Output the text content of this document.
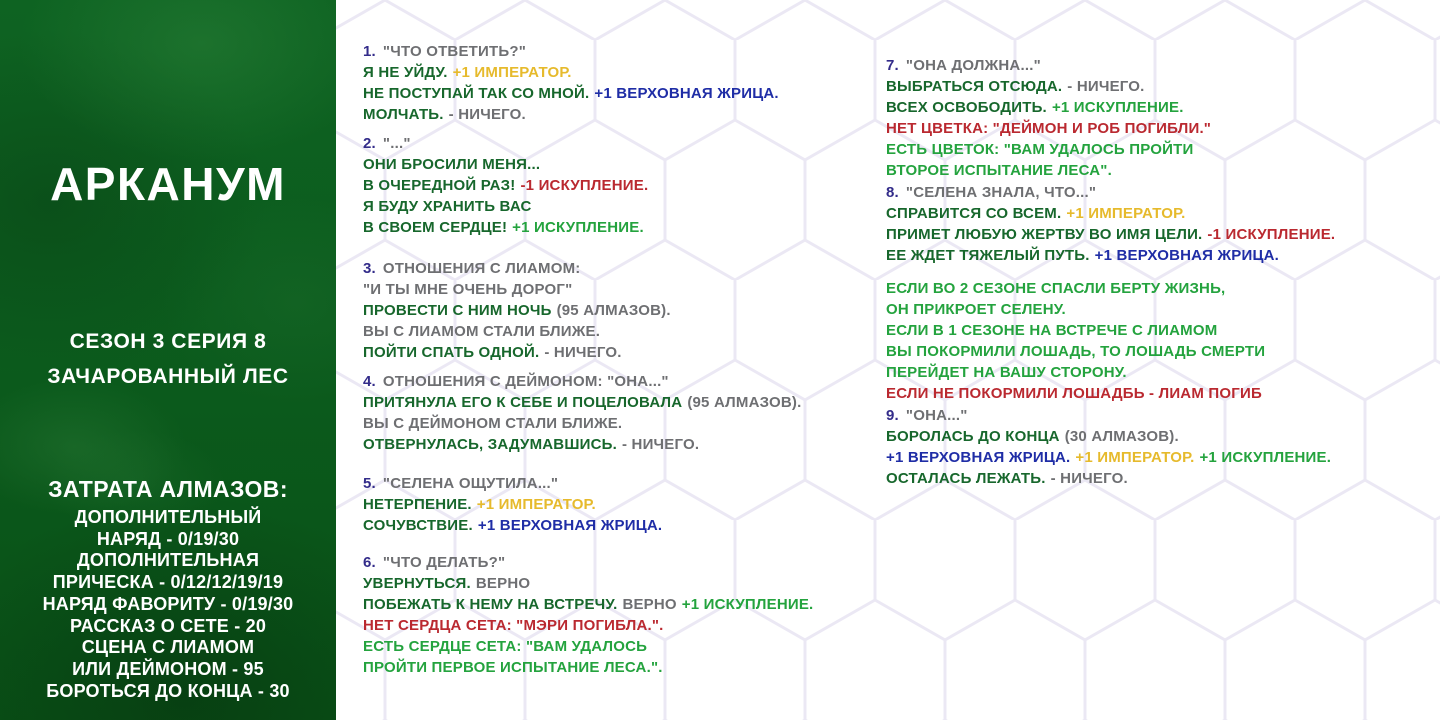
АРКАНУМ
СЕЗОН 3 СЕРИЯ 8
ЗАЧАРОВАННЫЙ ЛЕС
ЗАТРАТА АЛМАЗОВ:
ДОПОЛНИТЕЛЬНЫЙ
НАРЯД - 0/19/30
ДОПОЛНИТЕЛЬНАЯ
ПРИЧЕСКА - 0/12/12/19/19
НАРЯД ФАВОРИТУ - 0/19/30
РАССКАЗ О СЕТЕ - 20
СЦЕНА С ЛИАМОМ
ИЛИ ДЕЙМОНОМ - 95
БОРОТЬСЯ ДО КОНЦА - 30
1. "ЧТО ОТВЕТИТЬ?"
Я НЕ УЙДУ. +1 ИМПЕРАТОР.
НЕ ПОСТУПАЙ ТАК СО МНОЙ. +1 ВЕРХОВНАЯ ЖРИЦА.
МОЛЧАТЬ. - НИЧЕГО.
2. "..."
ОНИ БРОСИЛИ МЕНЯ...
В ОЧЕРЕДНОЙ РАЗ! -1 ИСКУПЛЕНИЕ.
Я БУДУ ХРАНИТЬ ВАС
В СВОЕМ СЕРДЦЕ! +1 ИСКУПЛЕНИЕ.
3. ОТНОШЕНИЯ С ЛИАМОМ:
"И ТЫ МНЕ ОЧЕНЬ ДОРОГ"
ПРОВЕСТИ С НИМ НОЧЬ (95 АЛМАЗОВ).
ВЫ С ЛИАМОМ СТАЛИ БЛИЖЕ.
ПОЙТИ СПАТЬ ОДНОЙ. - НИЧЕГО.
4. ОТНОШЕНИЯ С ДЕЙМОНОМ: "ОНА..."
ПРИТЯНУЛА ЕГО К СЕБЕ И ПОЦЕЛОВАЛА (95 АЛМАЗОВ).
ВЫ С ДЕЙМОНОМ СТАЛИ БЛИЖЕ.
ОТВЕРНУЛАСЬ, ЗАДУМАВШИСЬ. - НИЧЕГО.
5. "СЕЛЕНА ОЩУТИЛА..."
НЕТЕРПЕНИЕ. +1 ИМПЕРАТОР.
СОЧУВСТВИЕ. +1 ВЕРХОВНАЯ ЖРИЦА.
6. "ЧТО ДЕЛАТЬ?"
УВЕРНУТЬСЯ. ВЕРНО
ПОБЕЖАТЬ К НЕМУ НА ВСТРЕЧУ. ВЕРНО +1 ИСКУПЛЕНИЕ.
НЕТ СЕРДЦА СЕТА: "МЭРИ ПОГИБЛА.".
ЕСТЬ СЕРДЦЕ СЕТА: "ВАМ УДАЛОСЬ
ПРОЙТИ ПЕРВОЕ ИСПЫТАНИЕ ЛЕСА.".
7. "ОНА ДОЛЖНА..."
ВЫБРАТЬСЯ ОТСЮДА. - НИЧЕГО.
ВСЕХ ОСВОБОДИТЬ. +1 ИСКУПЛЕНИЕ.
НЕТ ЦВЕТКА: "ДЕЙМОН И РОБ ПОГИБЛИ."
ЕСТЬ ЦВЕТОК: "ВАМ УДАЛОСЬ ПРОЙТИ
ВТОРОЕ ИСПЫТАНИЕ ЛЕСА".
8. "СЕЛЕНА ЗНАЛА, ЧТО..."
СПРАВИТСЯ СО ВСЕМ. +1 ИМПЕРАТОР.
ПРИМЕТ ЛЮБУЮ ЖЕРТВУ ВО ИМЯ ЦЕЛИ. -1 ИСКУПЛЕНИЕ.
ЕЕ ЖДЕТ ТЯЖЕЛЫЙ ПУТЬ. +1 ВЕРХОВНАЯ ЖРИЦА.
ЕСЛИ ВО 2 СЕЗОНЕ СПАСЛИ БЕРТУ ЖИЗНЬ,
ОН ПРИКРОЕТ СЕЛЕНУ.
ЕСЛИ В 1 СЕЗОНЕ НА ВСТРЕЧЕ С ЛИАМОМ
ВЫ ПОКОРМИЛИ ЛОШАДЬ, ТО ЛОШАДЬ СМЕРТИ
ПЕРЕЙДЕТ НА ВАШУ СТОРОНУ.
ЕСЛИ НЕ ПОКОРМИЛИ ЛОШАДБЬ - ЛИАМ ПОГИБ
9. "ОНА..."
БОРОЛАСЬ ДО КОНЦА (30 АЛМАЗОВ).
+1 ВЕРХОВНАЯ ЖРИЦА. +1 ИМПЕРАТОР. +1 ИСКУПЛЕНИЕ.
ОСТАЛАСЬ ЛЕЖАТЬ. - НИЧЕГО.
